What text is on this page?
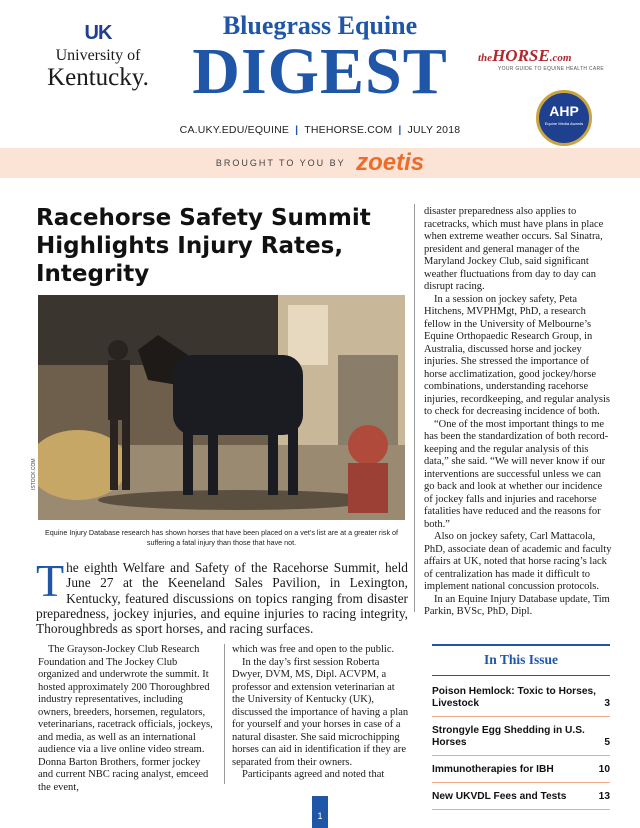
UK
University of
Kentucky.
Bluegrass Equine
DIGEST	theHORSE.com
YOUR GUIDE TO EQUINE HEALTH CARE
AHP
Equine Media Awards
CA.UKY.EDU/EQUINE | THEHORSE.COM | JULY 2018
BROUGHT TO YOU BY zoetis
Racehorse Safety Summit Highlights Injury Rates, Integrity
ISTOCK.COM
Equine Injury Database research has shown horses that have been placed on a vet’s list are at a greater risk of suffering a fatal injury than those that have not.
The eighth Welfare and Safety of the Racehorse Summit, held June 27 at the Keeneland Sales Pavilion, in Lexington, Kentucky, featured discussions on topics ranging from disaster preparedness, jockey injuries, and equine injuries to racing integrity, Thoroughbreds as sport horses, and racing surfaces.

The Grayson-Jockey Club Research Foundation and The Jockey Club organized and underwrote the summit. It hosted approximately 200 Thoroughbred industry representatives, including owners, breeders, horsemen, regulators, veterinarians, racetrack officials, jockeys, and media, as well as an international audience via a live online video stream. Donna Barton Brothers, former jockey and current NBC racing analyst, emceed the event,

which was free and open to the public.

In the day’s first session Roberta Dwyer, DVM, MS, Dipl. ACVPM, a professor and extension veterinarian at the University of Kentucky (UK), discussed the importance of having a plan for yourself and your horses in case of a natural disaster. She said microchipping horses can aid in identification if they are separated from their owners.

Participants agreed and noted that

disaster preparedness also applies to racetracks, which must have plans in place when extreme weather occurs. Sal Sinatra, president and general manager of the Maryland Jockey Club, said significant weather fluctuations from day to day can disrupt racing.

In a session on jockey safety, Peta Hitchens, MVPHMgt, PhD, a research fellow in the University of Melbourne’s Equine Orthopaedic Research Group, in Australia, discussed horse and jockey injuries. She stressed the importance of horse acclimatization, good jockey/horse combinations, understanding racehorse injuries, recordkeeping, and regular analysis to check for decreasing incidence of both.

“One of the most important things to me has been the standardization of both record-keeping and the regular analysis of this data,” she said. “We will never know if our interventions are successful unless we can go back and look at whether our incidence of jockey falls and injuries and racehorse fatalities have reduced and the reasons for both.”

Also on jockey safety, Carl Mattacola, PhD, associate dean of academic and faculty affairs at UK, noted that horse racing’s lack of centralization has made it difficult to implement national concussion protocols.

In an Equine Injury Database update, Tim Parkin, BVSc, PhD, Dipl.

In This Issue
Poison Hemlock: Toxic to Horses, Livestock	3
Strongyle Egg Shedding in U.S. Horses	5
Immunotherapies for IBH	10
New UKVDL Fees and Tests	13
1
